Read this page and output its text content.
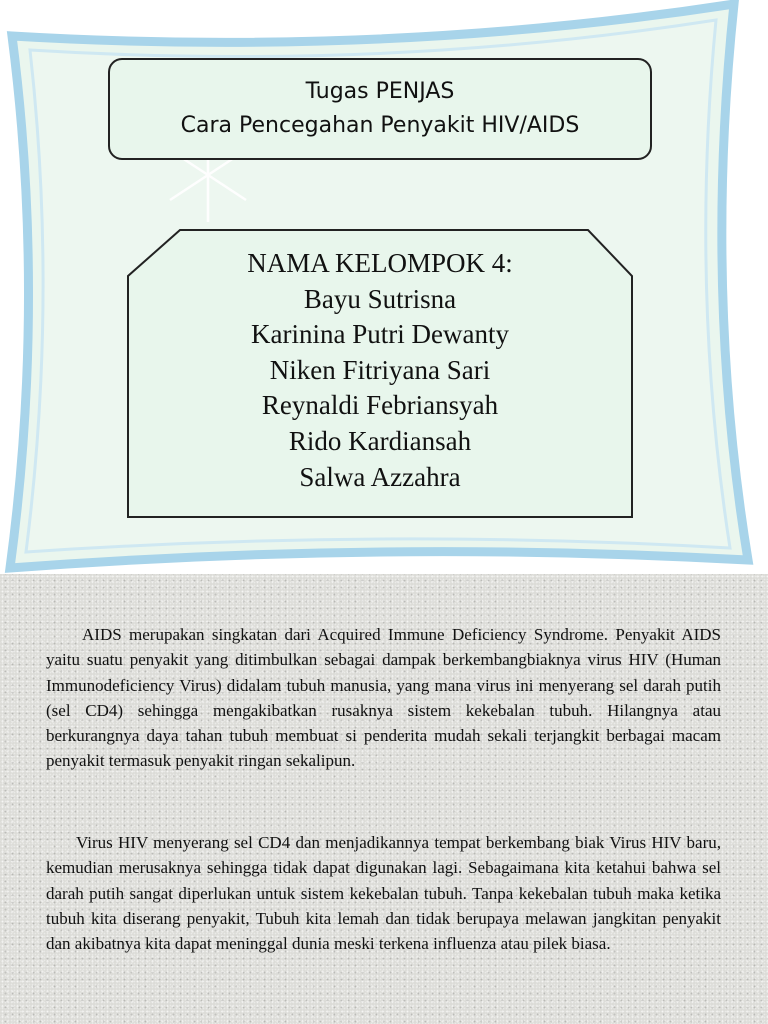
Tugas PENJAS
Cara Pencegahan Penyakit HIV/AIDS
NAMA KELOMPOK 4:
Bayu Sutrisna
Karinina Putri Dewanty
Niken Fitriyana Sari
Reynaldi Febriansyah
Rido Kardiansah
Salwa Azzahra

AIDS merupakan singkatan dari Acquired Immune Deficiency Syndrome. Penyakit AIDS yaitu suatu penyakit yang ditimbulkan sebagai dampak berkembangbiaknya virus HIV (Human Immunodeficiency Virus) didalam tubuh manusia, yang mana virus ini menyerang sel darah putih (sel CD4) sehingga mengakibatkan rusaknya sistem kekebalan tubuh. Hilangnya atau berkurangnya daya tahan tubuh membuat si penderita mudah sekali terjangkit berbagai macam penyakit termasuk penyakit ringan sekalipun.

Virus HIV menyerang sel CD4 dan menjadikannya tempat berkembang biak Virus HIV baru, kemudian merusaknya sehingga tidak dapat digunakan lagi. Sebagaimana kita ketahui bahwa sel darah putih sangat diperlukan untuk sistem kekebalan tubuh. Tanpa kekebalan tubuh maka ketika tubuh kita diserang penyakit, Tubuh kita lemah dan tidak berupaya melawan jangkitan penyakit dan akibatnya kita dapat meninggal dunia meski terkena influenza atau pilek biasa.
